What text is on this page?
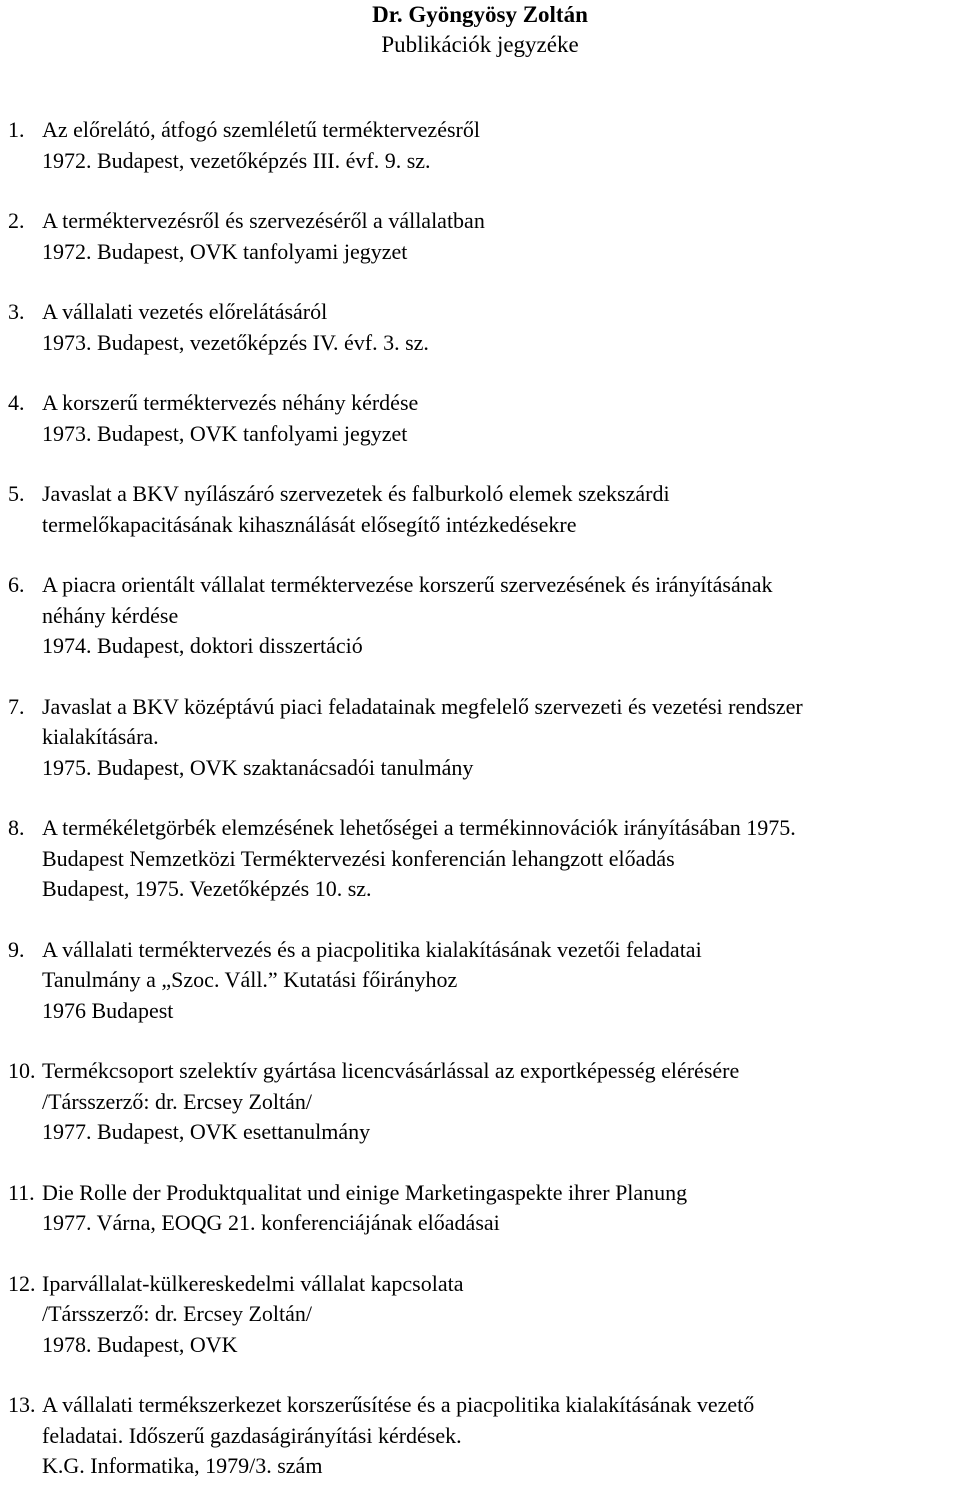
Dr. Gyöngyösy Zoltán
Publikációk jegyzéke
1. Az előrelátó, átfogó szemléletű terméktervezésről
1972. Budapest, vezetőképzés III. évf. 9. sz.
2. A terméktervezésről és szervezéséről a vállalatban
1972. Budapest, OVK tanfolyami jegyzet
3. A vállalati vezetés előrelátásáról
1973. Budapest, vezetőképzés IV. évf. 3. sz.
4. A korszerű terméktervezés néhány kérdése
1973. Budapest, OVK tanfolyami jegyzet
5. Javaslat a BKV nyílászáró szervezetek és falburkoló elemek szekszárdi
termelőkapacitásának kihasználását elősegítő intézkedésekre
6. A piacra orientált vállalat terméktervezése korszerű szervezésének és irányításának
néhány kérdése
1974. Budapest, doktori disszertáció
7. Javaslat a BKV középtávú piaci feladatainak megfelelő szervezeti és vezetési rendszer
kialakítására.
1975. Budapest, OVK szaktanácsadói tanulmány
8. A termékéletgörbék elemzésének lehetőségei a termékinnovációk irányításában 1975.
Budapest Nemzetközi Terméktervezési konferencián lehangzott előadás
Budapest, 1975. Vezetőképzés 10. sz.
9. A vállalati terméktervezés és a piacpolitika kialakításának vezetői feladatai
Tanulmány a „Szoc. Váll.” Kutatási főirányhoz
1976 Budapest
10. Termékcsoport szelektív gyártása licencvásárlással az exportképesség elérésére
/Társszerző: dr. Ercsey Zoltán/
1977. Budapest, OVK esettanulmány
11. Die Rolle der Produktqualitat und einige Marketingaspekte ihrer Planung
1977. Várna, EOQG 21. konferenciájának előadásai
12. Iparvállalat-külkereskedelmi vállalat kapcsolata
/Társszerző: dr. Ercsey Zoltán/
1978. Budapest, OVK
13. A vállalati termékszerkezet korszerűsítése és a piacpolitika kialakításának vezető
feladatai. Időszerű gazdaságirányítási kérdések.
K.G. Informatika, 1979/3. szám
